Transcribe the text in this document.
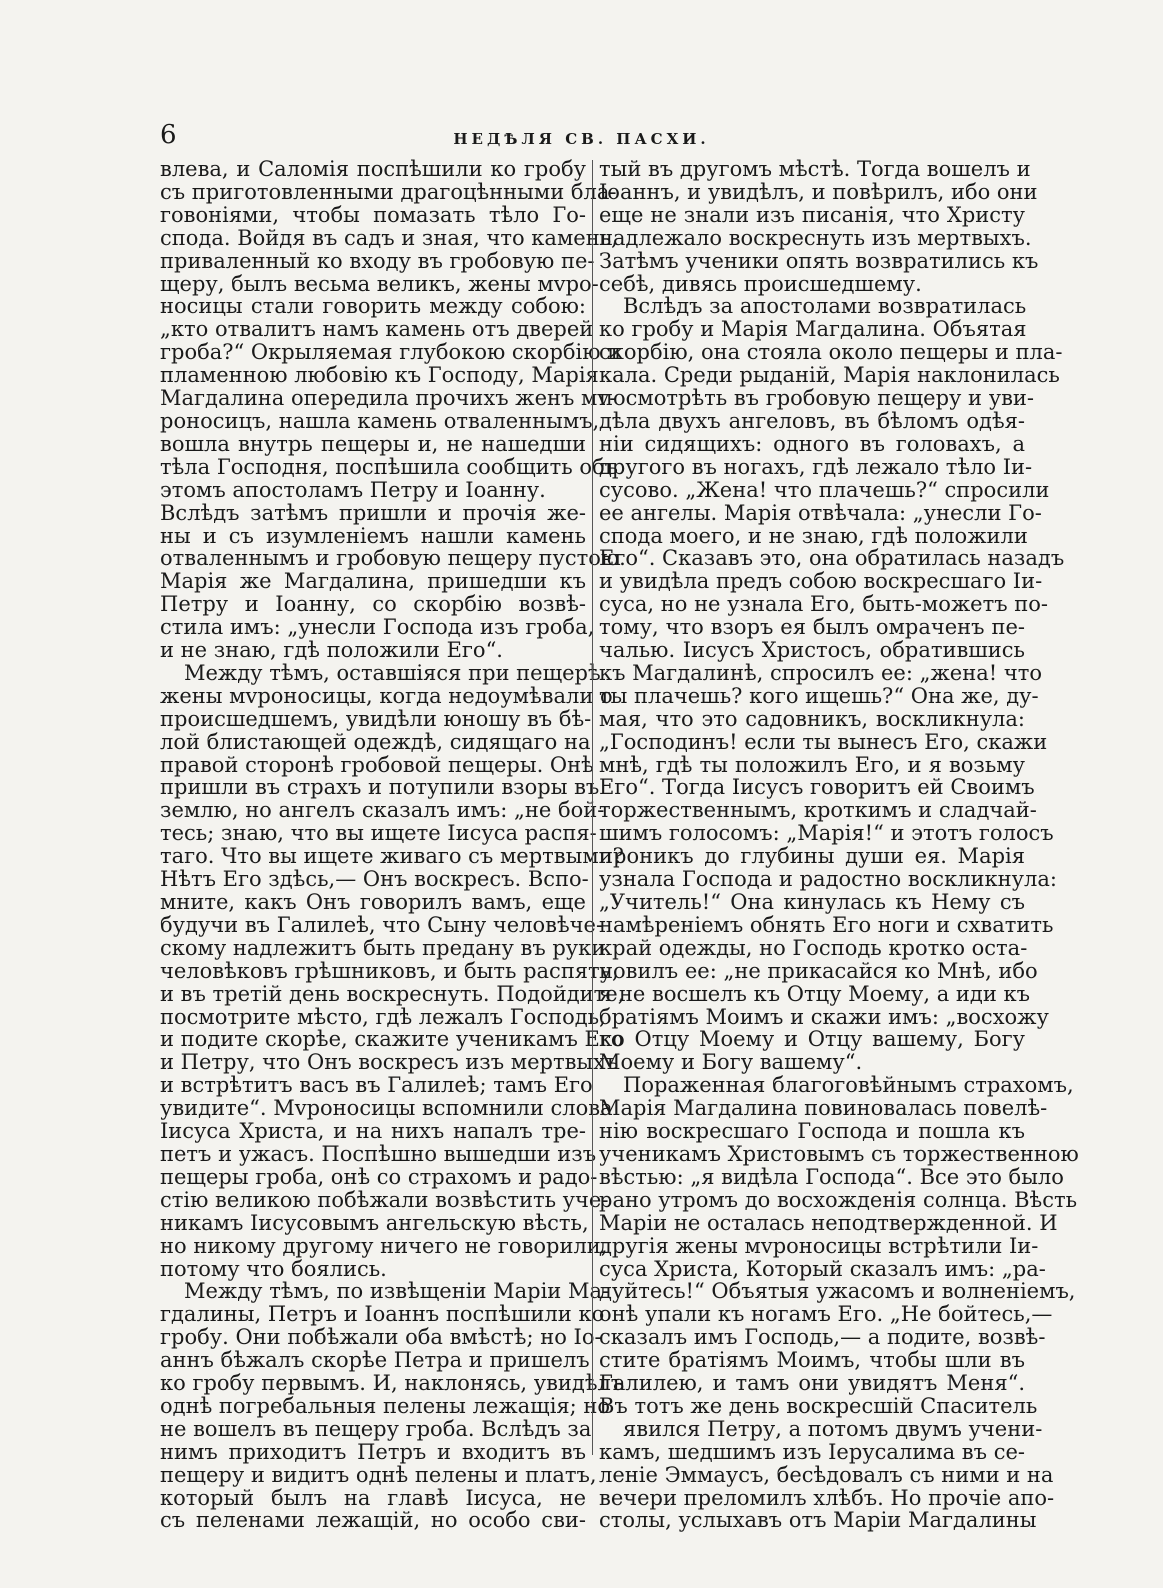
6	НЕДѢЛЯ СВ. ПАСХИ.
влева, и Саломія поспѣшили ко гробу
съ приготовленными драгоцѣнными бла-
говоніями, чтобы помазать тѣло Го-
спода. Войдя въ садъ и зная, что камень,
приваленный ко входу въ гробовую пе-
щеру, былъ весьма великъ, жены мvро-
носицы стали говорить между собою:
„кто отвалитъ намъ камень отъ дверей
гроба?“ Окрыляемая глубокою скорбію и
пламенною любовію къ Господу, Марія
Магдалина опередила прочихъ женъ мv-
роносицъ, нашла камень отваленнымъ,
вошла внутрь пещеры и, не нашедши
тѣла Господня, поспѣшила сообщить объ
этомъ апостоламъ Петру и Іоанну.
Вслѣдъ затѣмъ пришли и прочія же-
ны и съ изумленіемъ нашли камень
отваленнымъ и гробовую пещеру пустою.
Марія же Магдалина, пришедши къ
Петру и Іоанну, со скорбію возвѣ-
стила имъ: „унесли Господа изъ гроба,
и не знаю, гдѣ положили Его“.
Между тѣмъ, оставшіяся при пещерѣ
жены мvроносицы, когда недоумѣвали о
происшедшемъ, увидѣли юношу въ бѣ-
лой блистающей одеждѣ, сидящаго на
правой сторонѣ гробовой пещеры. Онѣ
пришли въ страхъ и потупили взоры въ
землю, но ангелъ сказалъ имъ: „не бой-
тесь; знаю, что вы ищете Іисуса распя-
таго. Что вы ищете живаго съ мертвыми?
Нѣтъ Его здѣсь,— Онъ воскресъ. Вспо-
мните, какъ Онъ говорилъ вамъ, еще
будучи въ Галилеѣ, что Сыну человѣче-
скому надлежитъ быть предану въ руки
человѣковъ грѣшниковъ, и быть распяту,
и въ третій день воскреснуть. Подойдите,
посмотрите мѣсто, гдѣ лежалъ Господь,
и подите скорѣе, скажите ученикамъ Его
и Петру, что Онъ воскресъ изъ мертвыхъ
и встрѣтитъ васъ въ Галилеѣ; тамъ Его
увидите“. Мvроносицы вспомнили слова
Іисуса Христа, и на нихъ напалъ тре-
петъ и ужасъ. Поспѣшно вышедши изъ
пещеры гроба, онѣ со страхомъ и радо-
стію великою побѣжали возвѣстить уче-
никамъ Іисусовымъ ангельскую вѣсть,
но никому другому ничего не говорили,
потому что боялись.
Между тѣмъ, по извѣщеніи Маріи Ма-
гдалины, Петръ и Іоаннъ поспѣшили ко
гробу. Они побѣжали оба вмѣстѣ; но Іо-
аннъ бѣжалъ скорѣе Петра и пришелъ
ко гробу первымъ. И, наклонясь, увидѣлъ
однѣ погребальныя пелены лежащія; но
не вошелъ въ пещеру гроба. Вслѣдъ за
нимъ приходитъ Петръ и входитъ въ
пещеру и видитъ однѣ пелены и платъ,
который былъ на главѣ Іисуса, не
съ пеленами лежащій, но особо сви-
тый въ другомъ мѣстѣ. Тогда вошелъ и
Іоаннъ, и увидѣлъ, и повѣрилъ, ибо они
еще не знали изъ писанія, что Христу
надлежало воскреснуть изъ мертвыхъ.
Затѣмъ ученики опять возвратились къ
себѣ, дивясь происшедшему.
Вслѣдъ за апостолами возвратилась
ко гробу и Марія Магдалина. Объятая
скорбію, она стояла около пещеры и пла-
кала. Среди рыданій, Марія наклонилась
посмотрѣть въ гробовую пещеру и уви-
дѣла двухъ ангеловъ, въ бѣломъ одѣя-
ніи сидящихъ: одного въ головахъ, а
другого въ ногахъ, гдѣ лежало тѣло Іи-
сусово. „Жена! что плачешь?“ спросили
ее ангелы. Марія отвѣчала: „унесли Го-
спода моего, и не знаю, гдѣ положили
Его“. Сказавъ это, она обратилась назадъ
и увидѣла предъ собою воскресшаго Іи-
суса, но не узнала Его, быть-можетъ по-
тому, что взоръ ея былъ омраченъ пе-
чалью. Іисусъ Христосъ, обратившись
къ Магдалинѣ, спросилъ ее: „жена! что
ты плачешь? кого ищешь?“ Она же, ду-
мая, что это садовникъ, воскликнула:
„Господинъ! если ты вынесъ Его, скажи
мнѣ, гдѣ ты положилъ Его, и я возьму
Его“. Тогда Іисусъ говоритъ ей Своимъ
торжественнымъ, кроткимъ и сладчай-
шимъ голосомъ: „Марія!“ и этотъ голосъ
проникъ до глубины души ея. Марія
узнала Господа и радостно воскликнула:
„Учитель!“ Она кинулась къ Нему съ
намѣреніемъ обнять Его ноги и схватить
край одежды, но Господь кротко оста-
новилъ ее: „не прикасайся ко Мнѣ, ибо
я не восшелъ къ Отцу Моему, а иди къ
братіямъ Моимъ и скажи имъ: „восхожу
ко Отцу Моему и Отцу вашему, Богу
Моему и Богу вашему“.
Пораженная благоговѣйнымъ страхомъ,
Марія Магдалина повиновалась повелѣ-
нію воскресшаго Господа и пошла къ
ученикамъ Христовымъ съ торжественною
вѣстью: „я видѣла Господа“. Все это было
рано утромъ до восхожденія солнца. Вѣсть
Маріи не осталась неподтвержденной. И
другія жены мvроносицы встрѣтили Іи-
суса Христа, Который сказалъ имъ: „ра-
дуйтесь!“ Объятыя ужасомъ и волненіемъ,
онѣ упали къ ногамъ Его. „Не бойтесь,—
сказалъ имъ Господь,— а подите, возвѣ-
стите братіямъ Моимъ, чтобы шли въ
Галилею, и тамъ они увидятъ Меня“.
Въ тотъ же день воскресшій Спаситель
явился Петру, а потомъ двумъ учени-
камъ, шедшимъ изъ Іерусалима въ се-
леніе Эммаусъ, бесѣдовалъ съ ними и на
вечери преломилъ хлѣбъ. Но прочіе апо-
столы, услыхавъ отъ Маріи Магдалины
